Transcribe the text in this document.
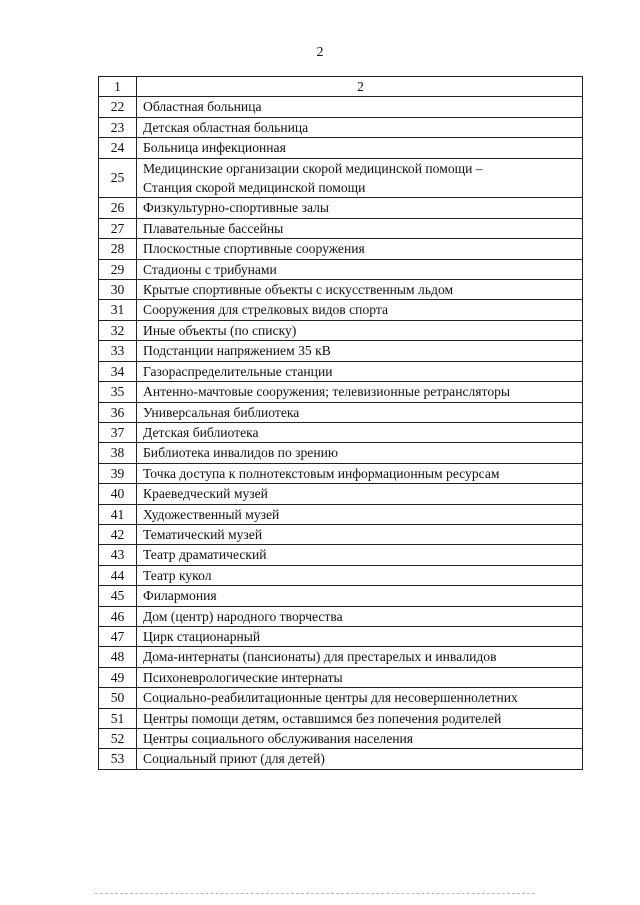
2
1	2
22	Областная больница

23	Детская областная больница

24	Больница инфекционная

25	Медицинские организации скорой медицинской помощи –
Станция скорой медицинской помощи

26	Физкультурно-спортивные залы

27	Плавательные бассейны

28	Плоскостные спортивные сооружения

29	Стадионы с трибунами

30	Крытые спортивные объекты с искусственным льдом

31	Сооружения для стрелковых видов спорта

32	Иные объекты (по списку)

33	Подстанции напряжением 35 кВ

34	Газораспределительные станции

35	Антенно-мачтовые сооружения; телевизионные ретрансляторы

36	Универсальная библиотека

37	Детская библиотека

38	Библиотека инвалидов по зрению

39	Точка доступа к полнотекстовым информационным ресурсам

40	Краеведческий музей

41	Художественный музей

42	Тематический музей

43	Театр драматический

44	Театр кукол

45	Филармония

46	Дом (центр) народного творчества

47	Цирк стационарный

48	Дома-интернаты (пансионаты) для престарелых и инвалидов

49	Психоневрологические интернаты

50	Социально-реабилитационные центры для несовершеннолетних

51	Центры помощи детям, оставшимся без попечения родителей

52	Центры социального обслуживания населения

53	Социальный приют (для детей)
